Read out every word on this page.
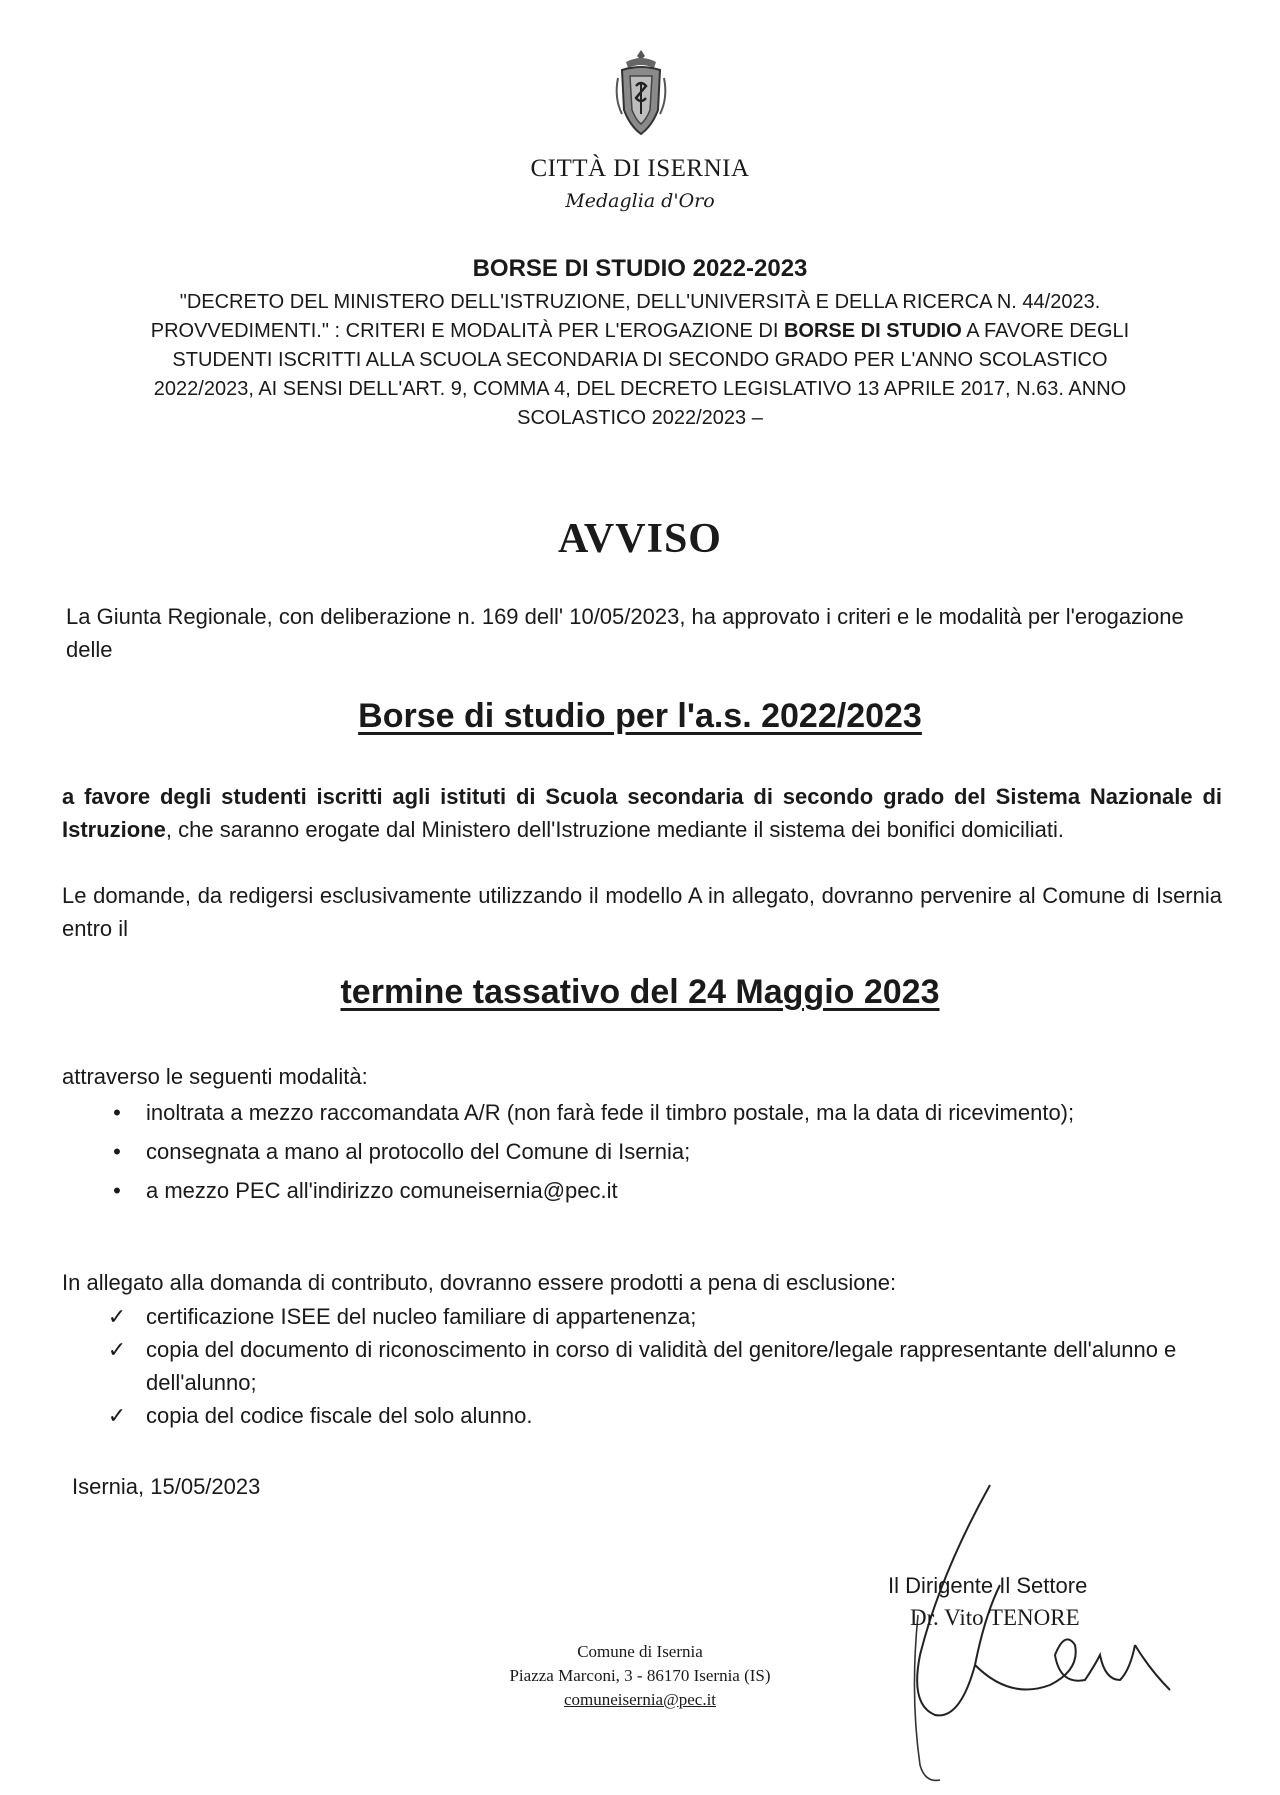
CITTÀ DI ISERNIA
Medaglia d'Oro
BORSE DI STUDIO 2022-2023
"DECRETO DEL MINISTERO DELL'ISTRUZIONE, DELL'UNIVERSITÀ E DELLA RICERCA N. 44/2023. PROVVEDIMENTI." : CRITERI E MODALITÀ PER L'EROGAZIONE DI BORSE DI STUDIO A FAVORE DEGLI STUDENTI ISCRITTI ALLA SCUOLA SECONDARIA DI SECONDO GRADO PER L'ANNO SCOLASTICO 2022/2023, AI SENSI DELL'ART. 9, COMMA 4, DEL DECRETO LEGISLATIVO 13 APRILE 2017, N.63. ANNO SCOLASTICO 2022/2023 –
AVVISO
La Giunta Regionale, con deliberazione n. 169 dell' 10/05/2023, ha approvato i criteri e le modalità per l'erogazione delle
Borse di studio per l'a.s. 2022/2023
a favore degli studenti iscritti agli istituti di Scuola secondaria di secondo grado del Sistema Nazionale di Istruzione, che saranno erogate dal Ministero dell'Istruzione mediante il sistema dei bonifici domiciliati.
Le domande, da redigersi esclusivamente utilizzando il modello A in allegato, dovranno pervenire al Comune di Isernia entro il
termine tassativo del 24 Maggio 2023
attraverso le seguenti modalità:
•	inoltrata a mezzo raccomandata A/R (non farà fede il timbro postale, ma la data di ricevimento);
•	consegnata a mano al protocollo del Comune di Isernia;
•	a mezzo PEC all'indirizzo comuneisernia@pec.it
In allegato alla domanda di contributo, dovranno essere prodotti a pena di esclusione:
✓ certificazione ISEE del nucleo familiare di appartenenza;
✓ copia del documento di riconoscimento in corso di validità del genitore/legale rappresentante dell'alunno e dell'alunno;
✓ copia del codice fiscale del solo alunno.
Isernia, 15/05/2023
Il Dirigente Il Settore
Dr. Vito TENORE
Comune di Isernia
Piazza Marconi, 3 - 86170 Isernia (IS)
comuneisernia@pec.it
